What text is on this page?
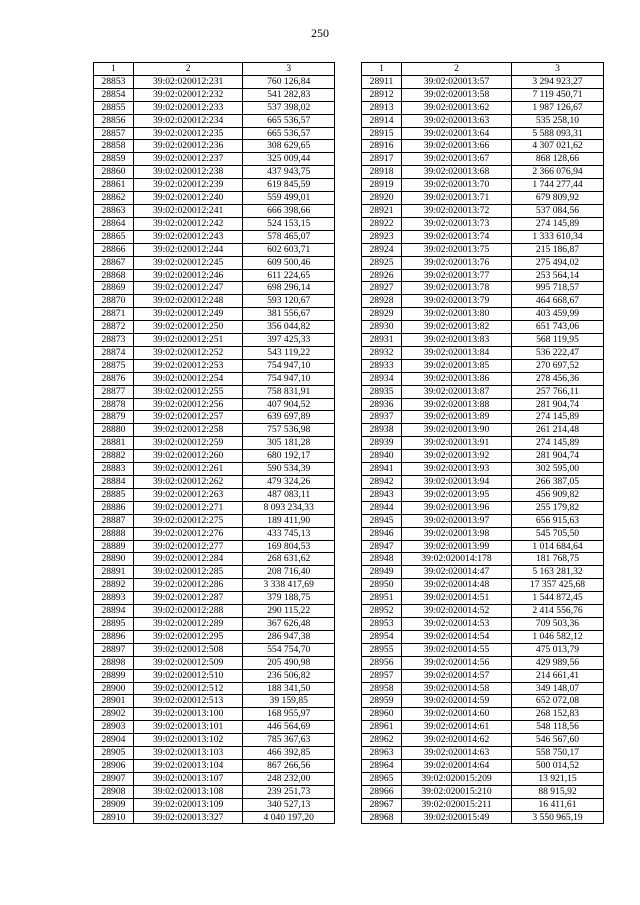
250
1	2	3
28853	39:02:020012:231	760 126,84
28854	39:02:020012:232	541 282,83
28855	39:02:020012:233	537 398,02
28856	39:02:020012:234	665 536,57
28857	39:02:020012:235	665 536,57
28858	39:02:020012:236	308 629,65
28859	39:02:020012:237	325 009,44
28860	39:02:020012:238	437 943,75
28861	39:02:020012:239	619 845,59
28862	39:02:020012:240	559 499,01
28863	39:02:020012:241	666 398,66
28864	39:02:020012:242	524 153,15
28865	39:02:020012:243	578 465,07
28866	39:02:020012:244	602 603,71
28867	39:02:020012:245	609 500,46
28868	39:02:020012:246	611 224,65
28869	39:02:020012:247	698 296,14
28870	39:02:020012:248	593 120,67
28871	39:02:020012:249	381 556,67
28872	39:02:020012:250	356 044,82
28873	39:02:020012:251	397 425,33
28874	39:02:020012:252	543 119,22
28875	39:02:020012:253	754 947,10
28876	39:02:020012:254	754 947,10
28877	39:02:020012:255	758 831,91
28878	39:02:020012:256	407 904,52
28879	39:02:020012:257	639 697,89
28880	39:02:020012:258	757 536,98
28881	39:02:020012:259	305 181,28
28882	39:02:020012:260	680 192,17
28883	39:02:020012:261	590 534,39
28884	39:02:020012:262	479 324,26
28885	39:02:020012:263	487 083,11
28886	39:02:020012:271	8 093 234,33
28887	39:02:020012:275	189 411,90
28888	39:02:020012:276	433 745,13
28889	39:02:020012:277	169 804,53
28890	39:02:020012:284	268 631,62
28891	39:02:020012:285	208 716,40
28892	39:02:020012:286	3 338 417,69
28893	39:02:020012:287	379 188,75
28894	39:02:020012:288	290 115,22
28895	39:02:020012:289	367 626,48
28896	39:02:020012:295	286 947,38
28897	39:02:020012:508	554 754,70
28898	39:02:020012:509	205 490,98
28899	39:02:020012:510	236 506,82
28900	39:02:020012:512	188 341,50
28901	39:02:020012:513	39 159,85
28902	39:02:020013:100	168 955,97
28903	39:02:020013:101	446 564,69
28904	39:02:020013:102	785 367,63
28905	39:02:020013:103	466 392,85
28906	39:02:020013:104	867 266,56
28907	39:02:020013:107	248 232,00
28908	39:02:020013:108	239 251,73
28909	39:02:020013:109	340 527,13
28910	39:02:020013:327	4 040 197,20
1	2	3
28911	39:02:020013:57	3 294 923,27
28912	39:02:020013:58	7 119 450,71
28913	39:02:020013:62	1 987 126,67
28914	39:02:020013:63	535 258,10
28915	39:02:020013:64	5 588 093,31
28916	39:02:020013:66	4 307 021,62
28917	39:02:020013:67	868 128,66
28918	39:02:020013:68	2 366 076,94
28919	39:02:020013:70	1 744 277,44
28920	39:02:020013:71	679 809,92
28921	39:02:020013:72	537 084,56
28922	39:02:020013:73	274 145,89
28923	39:02:020013:74	1 333 610,34
28924	39:02:020013:75	215 186,87
28925	39:02:020013:76	275 494,02
28926	39:02:020013:77	253 564,14
28927	39:02:020013:78	995 718,57
28928	39:02:020013:79	464 668,67
28929	39:02:020013:80	403 459,99
28930	39:02:020013:82	651 743,06
28931	39:02:020013:83	568 119,95
28932	39:02:020013:84	536 222,47
28933	39:02:020013:85	270 697,52
28934	39:02:020013:86	278 456,36
28935	39:02:020013:87	257 766,11
28936	39:02:020013:88	281 904,74
28937	39:02:020013:89	274 145,89
28938	39:02:020013:90	261 214,48
28939	39:02:020013:91	274 145,89
28940	39:02:020013:92	281 904,74
28941	39:02:020013:93	302 595,00
28942	39:02:020013:94	266 387,05
28943	39:02:020013:95	456 909,82
28944	39:02:020013:96	255 179,82
28945	39:02:020013:97	656 915,63
28946	39:02:020013:98	545 705,50
28947	39:02:020013:99	1 014 684,64
28948	39:02:020014:178	181 768,75
28949	39:02:020014:47	5 163 281,32
28950	39:02:020014:48	17 357 425,68
28951	39:02:020014:51	1 544 872,45
28952	39:02:020014:52	2 414 556,76
28953	39:02:020014:53	709 503,36
28954	39:02:020014:54	1 046 582,12
28955	39:02:020014:55	475 013,79
28956	39:02:020014:56	429 989,56
28957	39:02:020014:57	214 661,41
28958	39:02:020014:58	349 148,07
28959	39:02:020014:59	652 072,08
28960	39:02:020014:60	268 152,83
28961	39:02:020014:61	548 118,56
28962	39:02:020014:62	546 567,60
28963	39:02:020014:63	558 750,17
28964	39:02:020014:64	500 014,52
28965	39:02:020015:209	13 921,15
28966	39:02:020015:210	88 915,92
28967	39:02:020015:211	16 411,61
28968	39:02:020015:49	3 550 965,19
